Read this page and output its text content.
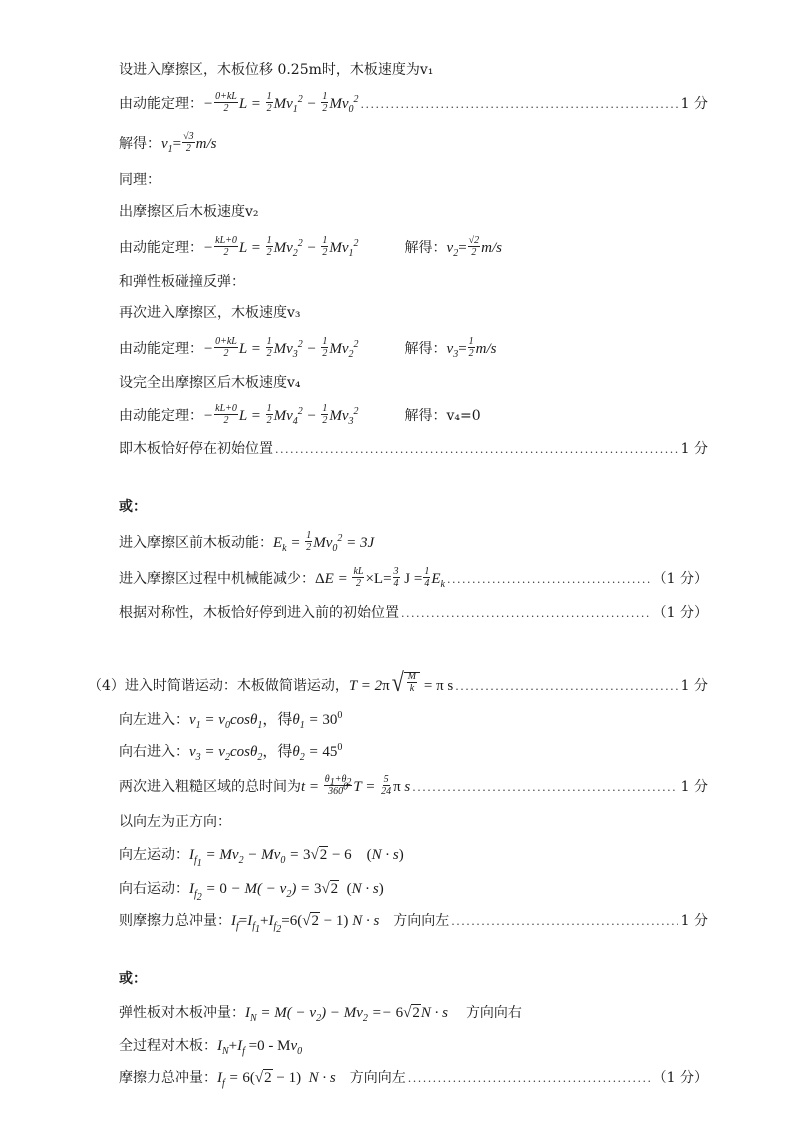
设进入摩擦区，木板位移 0.25m时，木板速度为v₁
由动能定理： − $\frac{0+kL}{2}$ $L = \frac{1}{2} Mv_1^2 - \frac{1}{2} Mv_0^2$ .....	1 分
解得： $v_1= \frac{√3}{2} m/s$
同理：
出摩擦区后木板速度v₂
由动能定理： − $\frac{kL+0}{2}$ $L = \frac{1}{2} Mv_2^2 - \frac{1}{2} Mv_1^2$	解得： $v_2= \frac{√2}{2} m/s$
和弹性板碰撞反弹：
再次进入摩擦区，木板速度v₃
由动能定理： − $\frac{0+kL}{2}$ $L = \frac{1}{2} Mv_3^2 - \frac{1}{2} Mv_2^2$	解得： $v_3= \frac{1}{2} m/s$
设完全出摩擦区后木板速度v₄
由动能定理： − $\frac{kL+0}{2}$ $L = \frac{1}{2} Mv_4^2 - \frac{1}{2} Mv_3^2$	解得：v₄=0
即木板恰好停在初始位置 .....	1 分
或：
进入摩擦区前木板动能： $E_k = \frac{1}{2} Mv_0^2 = 3J$
进入摩擦区过程中机械能减少： $\Delta E = \frac{kL}{2} \times L= \frac{3}{4}$ $J = \frac{1}{4} E_k$ .....	（1 分）
根据对称性，木板恰好停到进入前的初始位置 .....	（1 分）
（4） 进入时简谐运动：木板做简谐运动， T = 2π √ $\frac{M}{k} = \pi$ s .....	1 分
向左进入： $v_1 = v_0\cos\theta_1$，得$\theta_1 = 30^0$
向右进入： $v_3 = v_2\cos\theta_2$，得$\theta_2 = 45^0$
两次进入粗糙区域的总时间为 $t = \frac{\theta_1+\theta_2}{360^0}$ $T = \frac{5}{24}$ π s .....	1 分
以向左为正方向：
向左运动： $I_{f_1} = Mv_2 - Mv_0 = 3√2 - 6$    (N · s)
向右运动： $I_{f_2} = 0 - M( - v_2) = 3√2$  (N · s)
则摩擦力总冲量： $I_f=I_{f_1}+I_{f_2}=6(√2 - 1) N \cdot s$ 方向向左 .....	1 分
或：
弹性板对木板冲量： $I_N = M( - v_2) - Mv_2 =- 6√2N \cdot s$ 方向向右
全过程对木板： $I_N+I_f =0 - Mv_0$
摩擦力总冲量： $I_f = 6(√2 - 1) N \cdot s$ 方向向左 .....	（1 分）
